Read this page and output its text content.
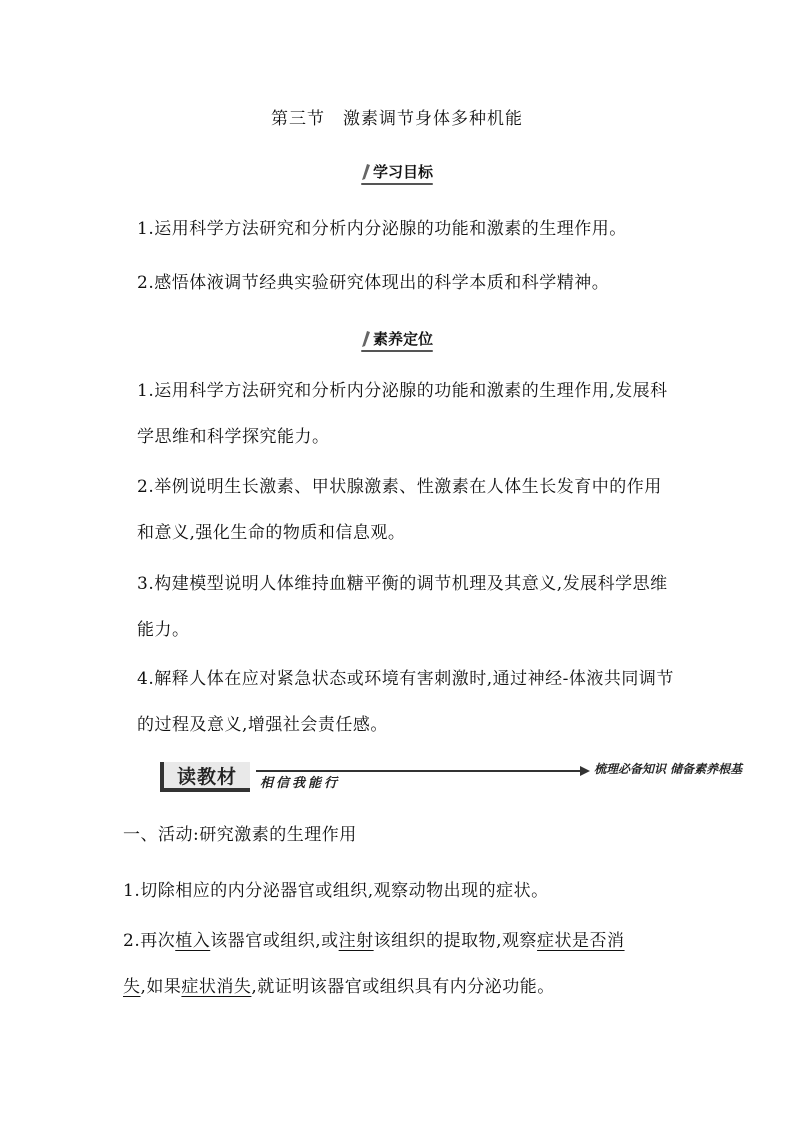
第三节　激素调节身体多种机能
学习目标
1.运用科学方法研究和分析内分泌腺的功能和激素的生理作用。
2.感悟体液调节经典实验研究体现出的科学本质和科学精神。
素养定位
1.运用科学方法研究和分析内分泌腺的功能和激素的生理作用,发展科学思维和科学探究能力。
2.举例说明生长激素、甲状腺激素、性激素在人体生长发育中的作用和意义,强化生命的物质和信息观。
3.构建模型说明人体维持血糖平衡的调节机理及其意义,发展科学思维能力。
4.解释人体在应对紧急状态或环境有害刺激时,通过神经-体液共同调节的过程及意义,增强社会责任感。
读教材 相信我能行
梳理必备知识 储备素养根基
一、活动:研究激素的生理作用
1.切除相应的内分泌器官或组织,观察动物出现的症状。
2.再次植入该器官或组织,或注射该组织的提取物,观察症状是否消
失,如果症状消失,就证明该器官或组织具有内分泌功能。
